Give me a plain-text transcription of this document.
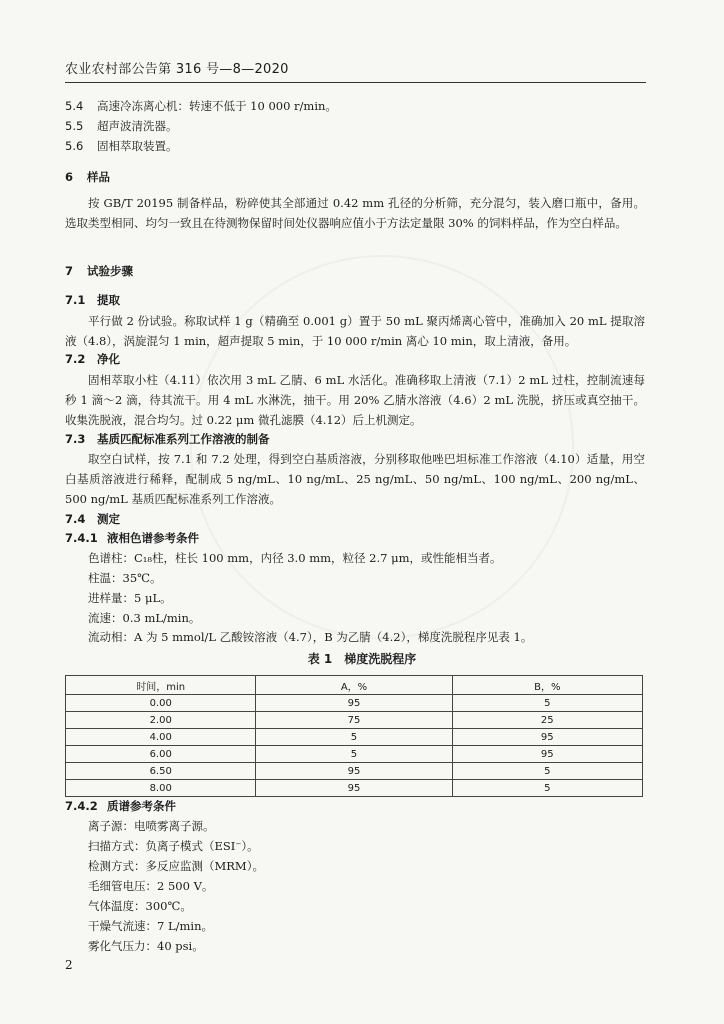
农业农村部公告第 316 号—8—2020
5.4 高速冷冻离心机：转速不低于 10 000 r/min。
5.5 超声波清洗器。
5.6 固相萃取装置。
6 样品
按 GB/T 20195 制备样品，粉碎使其全部通过 0.42 mm 孔径的分析筛，充分混匀，装入磨口瓶中，备用。选取类型相同、均匀一致且在待测物保留时间处仪器响应值小于方法定量限 30% 的饲料样品，作为空白样品。
7 试验步骤
7.1 提取
平行做 2 份试验。称取试样 1 g（精确至 0.001 g）置于 50 mL 聚丙烯离心管中，准确加入 20 mL 提取溶液（4.8），涡旋混匀 1 min，超声提取 5 min，于 10 000 r/min 离心 10 min，取上清液，备用。
7.2 净化
固相萃取小柱（4.11）依次用 3 mL 乙腈、6 mL 水活化。准确移取上清液（7.1）2 mL 过柱，控制流速每秒 1 滴～2 滴，待其流干。用 4 mL 水淋洗，抽干。用 20% 乙腈水溶液（4.6）2 mL 洗脱，挤压或真空抽干。收集洗脱液，混合均匀。过 0.22 μm 微孔滤膜（4.12）后上机测定。
7.3 基质匹配标准系列工作溶液的制备
取空白试样，按 7.1 和 7.2 处理，得到空白基质溶液，分别移取他唑巴坦标准工作溶液（4.10）适量，用空白基质溶液进行稀释，配制成 5 ng/mL、10 ng/mL、25 ng/mL、50 ng/mL、100 ng/mL、200 ng/mL、500 ng/mL 基质匹配标准系列工作溶液。
7.4 测定
7.4.1 液相色谱参考条件
色谱柱：C₁₈柱，柱长 100 mm，内径 3.0 mm，粒径 2.7 μm，或性能相当者。
柱温：35℃。
进样量：5 μL。
流速：0.3 mL/min。
流动相：A 为 5 mmol/L 乙酸铵溶液（4.7），B 为乙腈（4.2），梯度洗脱程序见表 1。
表 1　梯度洗脱程序
时间，min	A，%	B，%
0.00	95	5
2.00	75	25
4.00	5	95
6.00	5	95
6.50	95	5
8.00	95	5
7.4.2 质谱参考条件
离子源：电喷雾离子源。
扫描方式：负离子模式（ESI⁻）。
检测方式：多反应监测（MRM）。
毛细管电压：2 500 V。
气体温度：300℃。
干燥气流速：7 L/min。
雾化气压力：40 psi。
2
